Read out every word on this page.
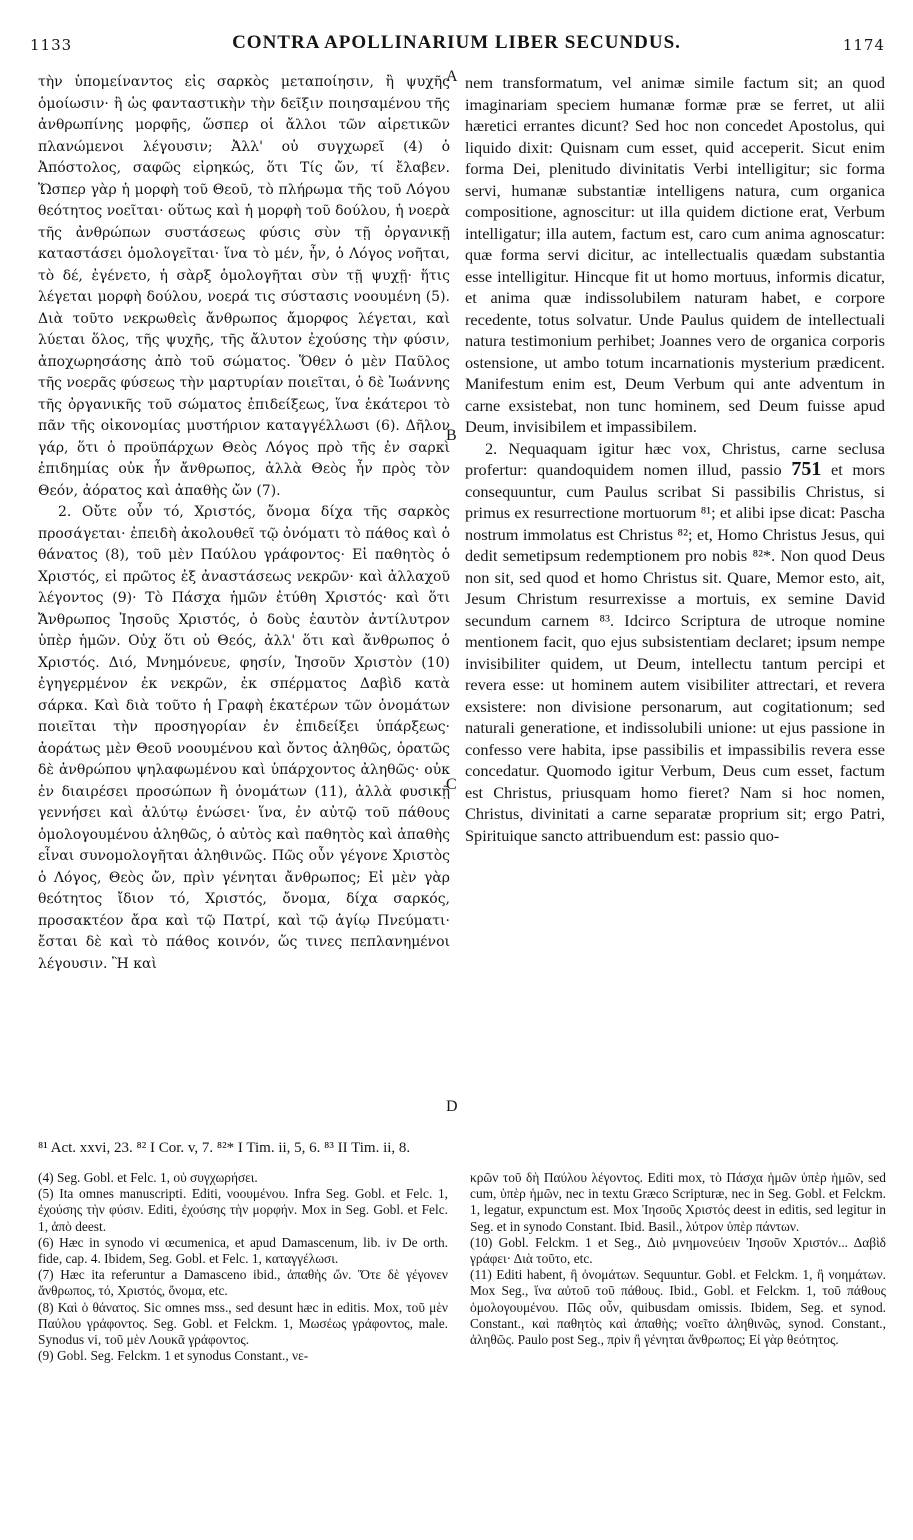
1133	CONTRA APOLLINARIUM LIBER SECUNDUS.	1174

τὴν ὑπομείναντος εἰς σαρκὸς μεταποίησιν, ἢ ψυχῆς ὁμοίωσιν· ἢ ὡς φανταστικὴν τὴν δεῖξιν ποιησαμένου τῆς ἀνθρωπίνης μορφῆς, ὥσπερ οἱ ἄλλοι τῶν αἱρετικῶν πλανώμενοι λέγουσιν; Ἀλλ' οὐ συγχωρεῖ (4) ὁ Ἀπόστολος, σαφῶς εἰρηκώς, ὅτι Τίς ὤν, τί ἔλαβεν. Ὥσπερ γὰρ ἡ μορφὴ τοῦ Θεοῦ, τὸ πλήρωμα τῆς τοῦ Λόγου θεότητος νοεῖται· οὕτως καὶ ἡ μορφὴ τοῦ δούλου, ἡ νοερὰ τῆς ἀνθρώπων συστάσεως φύσις σὺν τῇ ὀργανικῇ καταστάσει ὁμολογεῖται· ἵνα τὸ μέν, ἦν, ὁ Λόγος νοῆται, τὸ δέ, ἐγένετο, ἡ σὰρξ ὁμολογῆται σὺν τῇ ψυχῇ· ἥτις λέγεται μορφὴ δούλου, νοερά τις σύστασις νοουμένη (5). Διὰ τοῦτο νεκρωθεὶς ἄνθρωπος ἄμορφος λέγεται, καὶ λύεται ὅλος, τῆς ψυχῆς, τῆς ἄλυτον ἐχούσης τὴν φύσιν, ἀποχωρησάσης ἀπὸ τοῦ σώματος. Ὅθεν ὁ μὲν Παῦλος τῆς νοερᾶς φύσεως τὴν μαρτυρίαν ποιεῖται, ὁ δὲ Ἰωάννης τῆς ὀργανικῆς τοῦ σώματος ἐπιδείξεως, ἵνα ἑκάτεροι τὸ πᾶν τῆς οἰκονομίας μυστήριον καταγγέλλωσι (6). Δῆλον γάρ, ὅτι ὁ προϋπάρχων Θεὸς Λόγος πρὸ τῆς ἐν σαρκὶ ἐπιδημίας οὐκ ἦν ἄνθρωπος, ἀλλὰ Θεὸς ἦν πρὸς τὸν Θεόν, ἀόρατος καὶ ἀπαθὴς ὤν (7).

2. Οὔτε οὖν τό, Χριστός, ὄνομα δίχα τῆς σαρκὸς προσάγεται· ἐπειδὴ ἀκολουθεῖ τῷ ὀνόματι τὸ πάθος καὶ ὁ θάνατος (8), τοῦ μὲν Παύλου γράφοντος· Εἰ παθητὸς ὁ Χριστός, εἰ πρῶτος ἐξ ἀναστάσεως νεκρῶν· καὶ ἀλλαχοῦ λέγοντος (9)· Τὸ Πάσχα ἡμῶν ἐτύθη Χριστός· καὶ ὅτι Ἄνθρωπος Ἰησοῦς Χριστός, ὁ δοὺς ἑαυτὸν ἀντίλυτρον ὑπὲρ ἡμῶν. Οὐχ ὅτι οὐ Θεός, ἀλλ' ὅτι καὶ ἄνθρωπος ὁ Χριστός. Διό, Μνημόνευε, φησίν, Ἰησοῦν Χριστὸν (10) ἐγηγερμένον ἐκ νεκρῶν, ἐκ σπέρματος Δαβὶδ κατὰ σάρκα. Καὶ διὰ τοῦτο ἡ Γραφὴ ἑκατέρων τῶν ὀνομάτων ποιεῖται τὴν προσηγορίαν ἐν ἐπιδείξει ὑπάρξεως· ἀοράτως μὲν Θεοῦ νοουμένου καὶ ὄντος ἀληθῶς, ὁρατῶς δὲ ἀνθρώπου ψηλαφωμένου καὶ ὑπάρχοντος ἀληθῶς· οὐκ ἐν διαιρέσει προσώπων ἢ ὀνομάτων (11), ἀλλὰ φυσικῇ γεννήσει καὶ ἀλύτῳ ἑνώσει· ἵνα, ἐν αὐτῷ τοῦ πάθους ὁμολογουμένου ἀληθῶς, ὁ αὐτὸς καὶ παθητὸς καὶ ἀπαθὴς εἶναι συνομολογῆται ἀληθινῶς. Πῶς οὖν γέγονε Χριστὸς ὁ Λόγος, Θεὸς ὤν, πρὶν γένηται ἄνθρωπος; Εἰ μὲν γὰρ θεότητος ἴδιον τό, Χριστός, ὄνομα, δίχα σαρκός, προσακτέον ἄρα καὶ τῷ Πατρί, καὶ τῷ ἁγίῳ Πνεύματι· ἔσται δὲ καὶ τὸ πάθος κοινόν, ὥς τινες πεπλανημένοι λέγουσιν. Ἢ καὶ

A
B
C
D

nem transformatum, vel animæ simile factum sit; an quod imaginariam speciem humanæ formæ præ se ferret, ut alii hæretici errantes dicunt? Sed hoc non concedet Apostolus, qui liquido dixit: Quisnam cum esset, quid acceperit. Sicut enim forma Dei, plenitudo divinitatis Verbi intelligitur; sic forma servi, humanæ substantiæ intelligens natura, cum organica compositione, agnoscitur: ut illa quidem dictione erat, Verbum intelligatur; illa autem, factum est, caro cum anima agnoscatur: quæ forma servi dicitur, ac intellectualis quædam substantia esse intelligitur. Hincque fit ut homo mortuus, informis dicatur, et anima quæ indissolubilem naturam habet, e corpore recedente, totus solvatur. Unde Paulus quidem de intellectuali natura testimonium perhibet; Joannes vero de organica corporis ostensione, ut ambo totum incarnationis mysterium prædicent. Manifestum enim est, Deum Verbum qui ante adventum in carne exsistebat, non tunc hominem, sed Deum fuisse apud Deum, invisibilem et impassibilem.

2. Nequaquam igitur hæc vox, Christus, carne seclusa profertur: quandoquidem nomen illud, passio 751 et mors consequuntur, cum Paulus scribat Si passibilis Christus, si primus ex resurrectione mortuorum ⁸¹; et alibi ipse dicat: Pascha nostrum immolatus est Christus ⁸²; et, Homo Christus Jesus, qui dedit semetipsum redemptionem pro nobis ⁸²*. Non quod Deus non sit, sed quod et homo Christus sit. Quare, Memor esto, ait, Jesum Christum resurrexisse a mortuis, ex semine David secundum carnem ⁸³. Idcirco Scriptura de utroque nomine mentionem facit, quo ejus subsistentiam declaret; ipsum nempe invisibiliter quidem, ut Deum, intellectu tantum percipi et revera esse: ut hominem autem visibiliter attrectari, et revera exsistere: non divisione personarum, aut cogitationum; sed naturali generatione, et indissolubili unione: ut ejus passione in confesso vere habita, ipse passibilis et impassibilis revera esse concedatur. Quomodo igitur Verbum, Deus cum esset, factum est Christus, priusquam homo fieret? Nam si hoc nomen, Christus, divinitati a carne separatæ proprium sit; ergo Patri, Spirituique sancto attribuendum est: passio quo-

⁸¹ Act. xxvi, 23. ⁸² I Cor. v, 7. ⁸²* I Tim. ii, 5, 6. ⁸³ II Tim. ii, 8.

(4) Seg. Gobl. et Felc. 1, οὐ συγχωρήσει.

(5) Ita omnes manuscripti. Editi, νοουμένου. Infra Seg. Gobl. et Felc. 1, ἐχούσης τὴν φύσιν. Editi, ἐχούσης τὴν μορφήν. Mox in Seg. Gobl. et Felc. 1, ἀπὸ deest.

(6) Hæc in synodo vi œcumenica, et apud Damascenum, lib. iv De orth. fide, cap. 4. Ibidem, Seg. Gobl. et Felc. 1, καταγγέλωσι.

(7) Hæc ita referuntur a Damasceno ibid., ἀπαθὴς ὤν. Ὅτε δὲ γέγονεν ἄνθρωπος, τό, Χριστός, ὄνομα, etc.

(8) Καὶ ὁ θάνατος. Sic omnes mss., sed desunt hæc in editis. Mox, τοῦ μὲν Παύλου γράφοντος. Seg. Gobl. et Felckm. 1, Μωσέως γράφοντος, male. Synodus vi, τοῦ μὲν Λουκᾶ γράφοντος.

(9) Gobl. Seg. Felckm. 1 et synodus Constant., νε-

κρῶν τοῦ δὴ Παύλου λέγοντος. Editi mox, τὸ Πάσχα ἡμῶν ὑπὲρ ἡμῶν, sed cum, ὑπὲρ ἡμῶν, nec in textu Græco Scripturæ, nec in Seg. Gobl. et Felckm. 1, legatur, expunctum est. Mox Ἰησοῦς Χριστός deest in editis, sed legitur in Seg. et in synodo Constant. Ibid. Basil., λύτρον ὑπὲρ πάντων.

(10) Gobl. Felckm. 1 et Seg., Διὸ μνημονεύειν Ἰησοῦν Χριστόν... Δαβὶδ γράφει· Διὰ τοῦτο, etc.

(11) Editi habent, ἢ ὀνομάτων. Sequuntur. Gobl. et Felckm. 1, ἢ νοημάτων. Mox Seg., ἵνα αὐτοῦ τοῦ πάθους. Ibid., Gobl. et Felckm. 1, τοῦ πάθους ὁμολογουμένου. Πῶς οὖν, quibusdam omissis. Ibidem, Seg. et synod. Constant., καὶ παθητὸς καὶ ἀπαθὴς; νοεῖτο ἀληθινῶς, synod. Constant., ἀληθῶς. Paulo post Seg., πρὶν ἢ γένηται ἄνθρωπος; Εἰ γὰρ θεότητος.
